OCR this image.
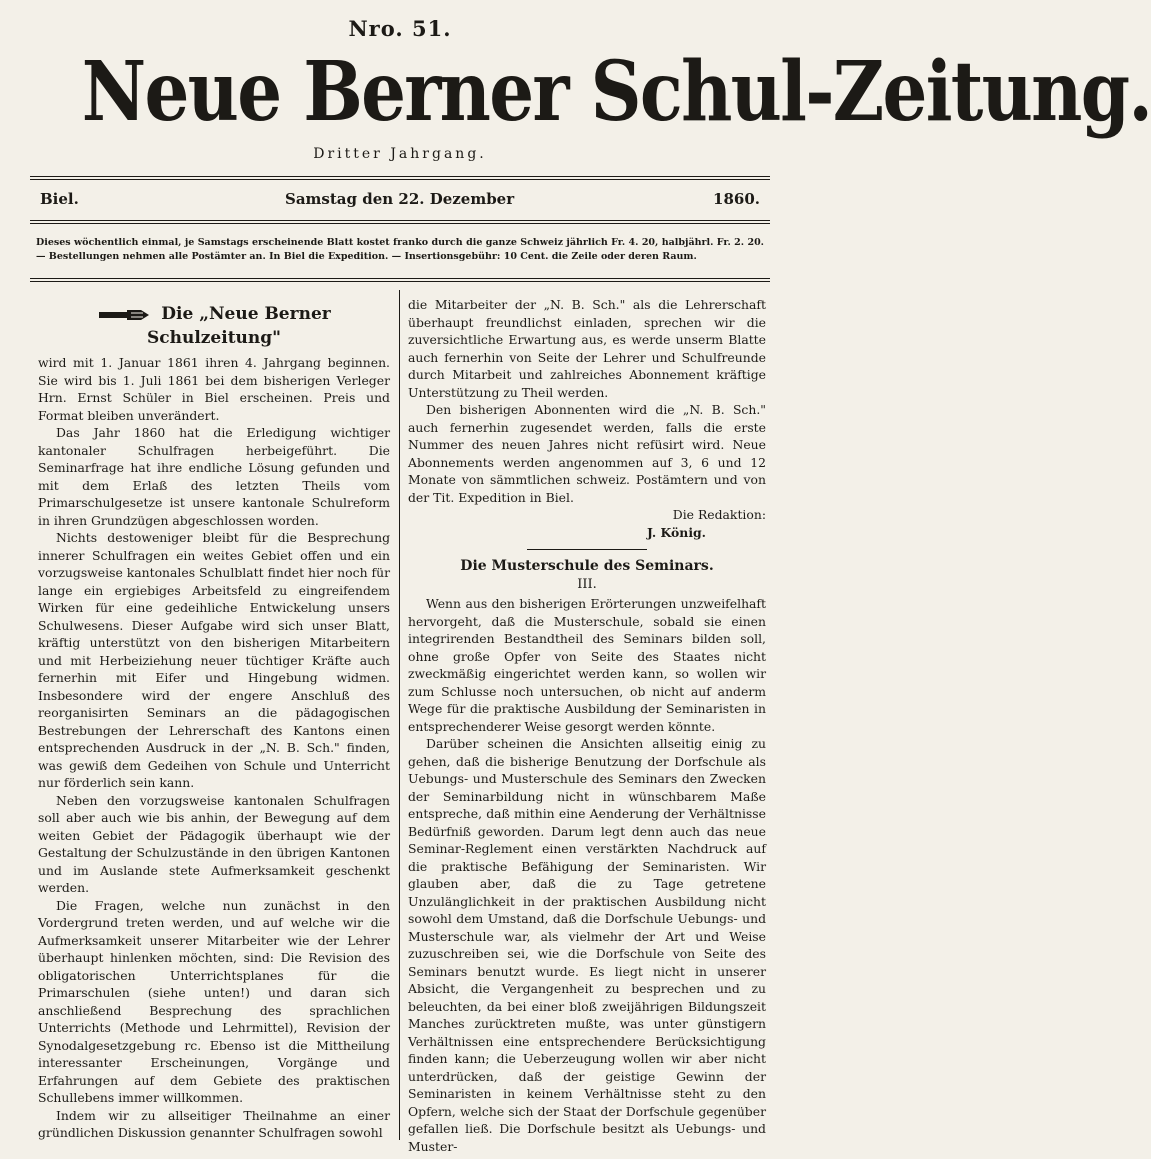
Nro. 51.
Neue Berner Schul-Zeitung.
Dritter Jahrgang.
Biel.	Samstag den 22. Dezember	1860.
Dieses wöchentlich einmal, je Samstags erscheinende Blatt kostet franko durch die ganze Schweiz jährlich Fr. 4. 20, halbjährl. Fr. 2. 20. — Bestellungen nehmen alle Postämter an. In Biel die Expedition. — Insertionsgebühr: 10 Cent. die Zeile oder deren Raum.
Die „Neue Berner Schulzeitung"

wird mit 1. Januar 1861 ihren 4. Jahrgang beginnen. Sie wird bis 1. Juli 1861 bei dem bisherigen Verleger Hrn. Ernst Schüler in Biel erscheinen. Preis und Format bleiben unverändert.

Das Jahr 1860 hat die Erledigung wichtiger kantonaler Schulfragen herbeigeführt. Die Seminarfrage hat ihre endliche Lösung gefunden und mit dem Erlaß des letzten Theils vom Primarschulgesetze ist unsere kantonale Schulreform in ihren Grundzügen abgeschlossen worden.

Nichts destoweniger bleibt für die Besprechung innerer Schulfragen ein weites Gebiet offen und ein vorzugsweise kantonales Schulblatt findet hier noch für lange ein ergiebiges Arbeitsfeld zu eingreifendem Wirken für eine gedeihliche Entwickelung unsers Schulwesens. Dieser Aufgabe wird sich unser Blatt, kräftig unterstützt von den bisherigen Mitarbeitern und mit Herbeiziehung neuer tüchtiger Kräfte auch fernerhin mit Eifer und Hingebung widmen. Insbesondere wird der engere Anschluß des reorganisirten Seminars an die pädagogischen Bestrebungen der Lehrerschaft des Kantons einen entsprechenden Ausdruck in der „N. B. Sch." finden, was gewiß dem Gedeihen von Schule und Unterricht nur förderlich sein kann.

Neben den vorzugsweise kantonalen Schulfragen soll aber auch wie bis anhin, der Bewegung auf dem weiten Gebiet der Pädagogik überhaupt wie der Gestaltung der Schulzustände in den übrigen Kantonen und im Auslande stete Aufmerksamkeit geschenkt werden.

Die Fragen, welche nun zunächst in den Vordergrund treten werden, und auf welche wir die Aufmerksamkeit unserer Mitarbeiter wie der Lehrer überhaupt hinlenken möchten, sind: Die Revision des obligatorischen Unterrichtsplanes für die Primarschulen (siehe unten!) und daran sich anschließend Besprechung des sprachlichen Unterrichts (Methode und Lehrmittel), Revision der Synodalgesetzgebung rc. Ebenso ist die Mittheilung interessanter Erscheinungen, Vorgänge und Erfahrungen auf dem Gebiete des praktischen Schullebens immer willkommen.

Indem wir zu allseitiger Theilnahme an einer gründlichen Diskussion genannter Schulfragen sowohl

die Mitarbeiter der „N. B. Sch." als die Lehrerschaft überhaupt freundlichst einladen, sprechen wir die zuversichtliche Erwartung aus, es werde unserm Blatte auch fernerhin von Seite der Lehrer und Schulfreunde durch Mitarbeit und zahlreiches Abonnement kräftige Unterstützung zu Theil werden.

Den bisherigen Abonnenten wird die „N. B. Sch." auch fernerhin zugesendet werden, falls die erste Nummer des neuen Jahres nicht refüsirt wird. Neue Abonnements werden angenommen auf 3, 6 und 12 Monate von sämmtlichen schweiz. Postämtern und von der Tit. Expedition in Biel.

Die Redaktion:

J. König.

Die Musterschule des Seminars.
III.

Wenn aus den bisherigen Erörterungen unzweifelhaft hervorgeht, daß die Musterschule, sobald sie einen integrirenden Bestandtheil des Seminars bilden soll, ohne große Opfer von Seite des Staates nicht zweckmäßig eingerichtet werden kann, so wollen wir zum Schlusse noch untersuchen, ob nicht auf anderm Wege für die praktische Ausbildung der Seminaristen in entsprechenderer Weise gesorgt werden könnte.

Darüber scheinen die Ansichten allseitig einig zu gehen, daß die bisherige Benutzung der Dorfschule als Uebungs- und Musterschule des Seminars den Zwecken der Seminarbildung nicht in wünschbarem Maße entspreche, daß mithin eine Aenderung der Verhältnisse Bedürfniß geworden. Darum legt denn auch das neue Seminar-Reglement einen verstärkten Nachdruck auf die praktische Befähigung der Seminaristen. Wir glauben aber, daß die zu Tage getretene Unzulänglichkeit in der praktischen Ausbildung nicht sowohl dem Umstand, daß die Dorfschule Uebungs- und Musterschule war, als vielmehr der Art und Weise zuzuschreiben sei, wie die Dorfschule von Seite des Seminars benutzt wurde. Es liegt nicht in unserer Absicht, die Vergangenheit zu besprechen und zu beleuchten, da bei einer bloß zweijährigen Bildungszeit Manches zurücktreten mußte, was unter günstigern Verhältnissen eine entsprechendere Berücksichtigung finden kann; die Ueberzeugung wollen wir aber nicht unterdrücken, daß der geistige Gewinn der Seminaristen in keinem Verhältnisse steht zu den Opfern, welche sich der Staat der Dorfschule gegenüber gefallen ließ. Die Dorfschule besitzt als Uebungs- und Muster-
